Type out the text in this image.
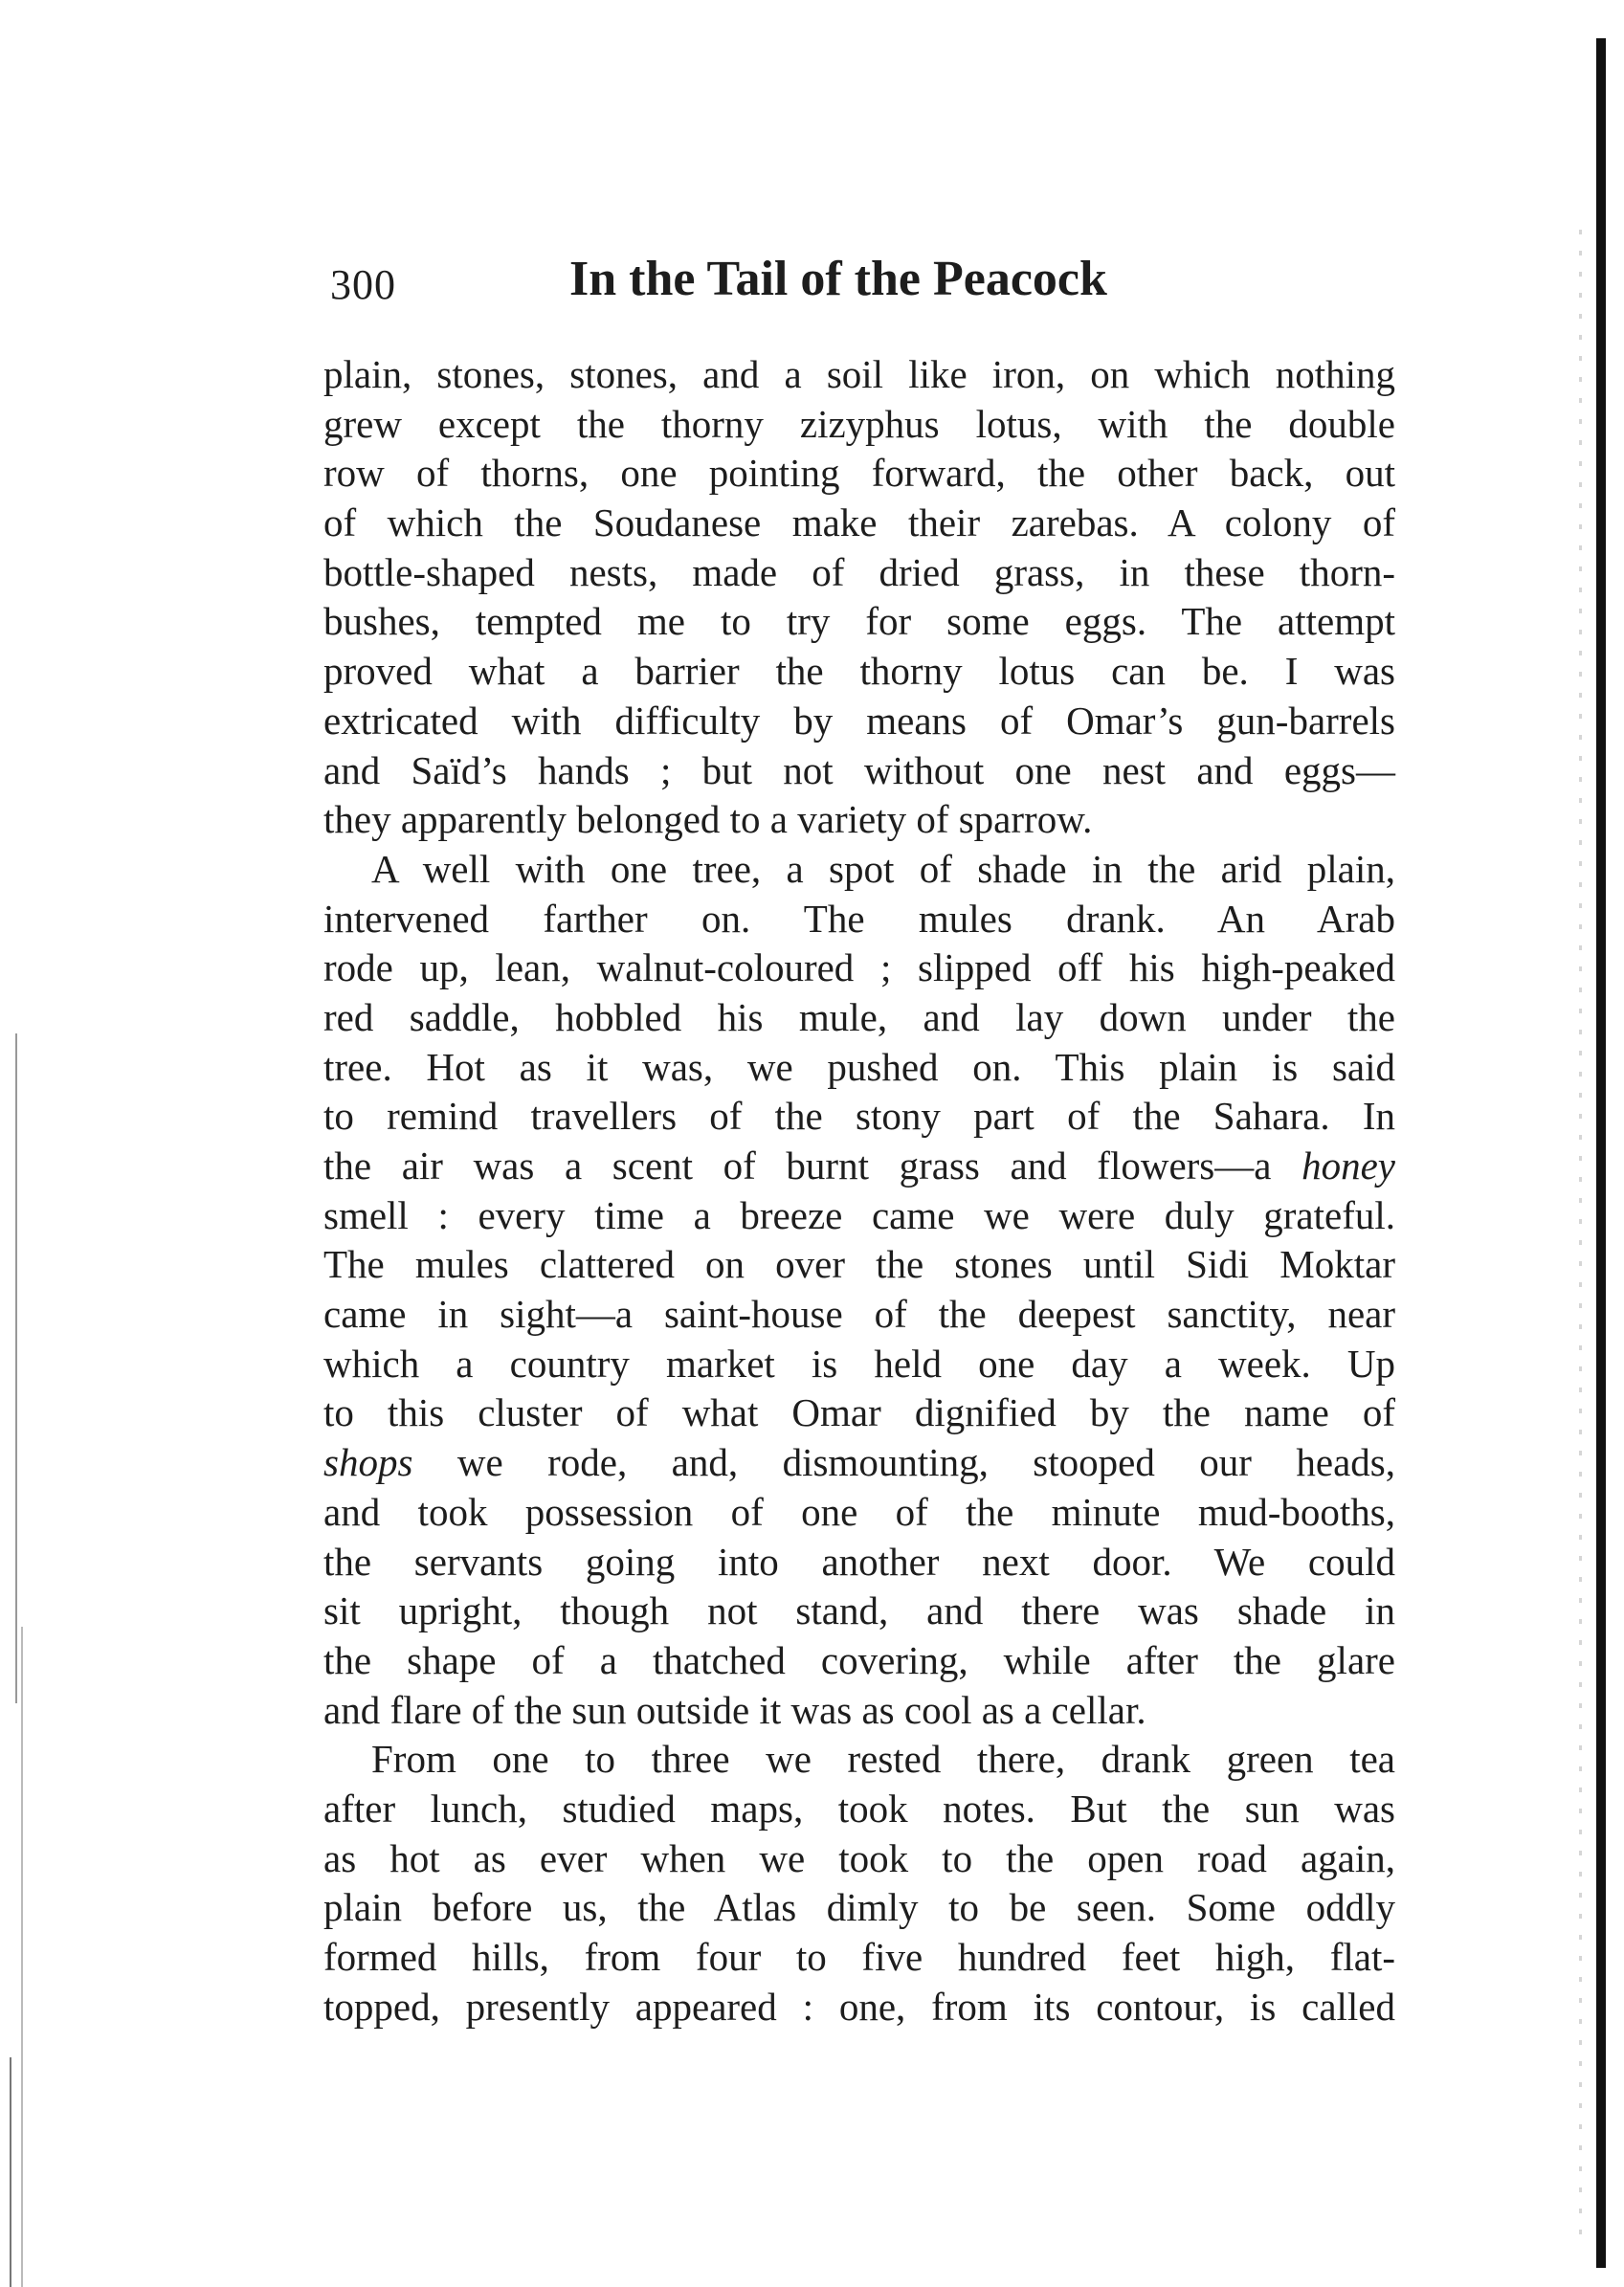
300	In the Tail of the Peacock
plain, stones, stones, and a soil like iron, on which nothing
grew except the thorny zizyphus lotus, with the double
row of thorns, one pointing forward, the other back, out
of which the Soudanese make their zarebas. A colony of
bottle-shaped nests, made of dried grass, in these thorn-
bushes, tempted me to try for some eggs. The attempt
proved what a barrier the thorny lotus can be. I was
extricated with difficulty by means of Omar’s gun-barrels
and Saïd’s hands ; but not without one nest and eggs—
they apparently belonged to a variety of sparrow.
A well with one tree, a spot of shade in the arid plain,
intervened farther on. The mules drank. An Arab
rode up, lean, walnut-coloured ; slipped off his high-peaked
red saddle, hobbled his mule, and lay down under the
tree. Hot as it was, we pushed on. This plain is said
to remind travellers of the stony part of the Sahara. In
the air was a scent of burnt grass and flowers—a honey
smell : every time a breeze came we were duly grateful.
The mules clattered on over the stones until Sidi Moktar
came in sight—a saint-house of the deepest sanctity, near
which a country market is held one day a week. Up
to this cluster of what Omar dignified by the name of
shops we rode, and, dismounting, stooped our heads,
and took possession of one of the minute mud-booths,
the servants going into another next door. We could
sit upright, though not stand, and there was shade in
the shape of a thatched covering, while after the glare
and flare of the sun outside it was as cool as a cellar.
From one to three we rested there, drank green tea
after lunch, studied maps, took notes. But the sun was
as hot as ever when we took to the open road again,
plain before us, the Atlas dimly to be seen. Some oddly
formed hills, from four to five hundred feet high, flat-
topped, presently appeared : one, from its contour, is called
